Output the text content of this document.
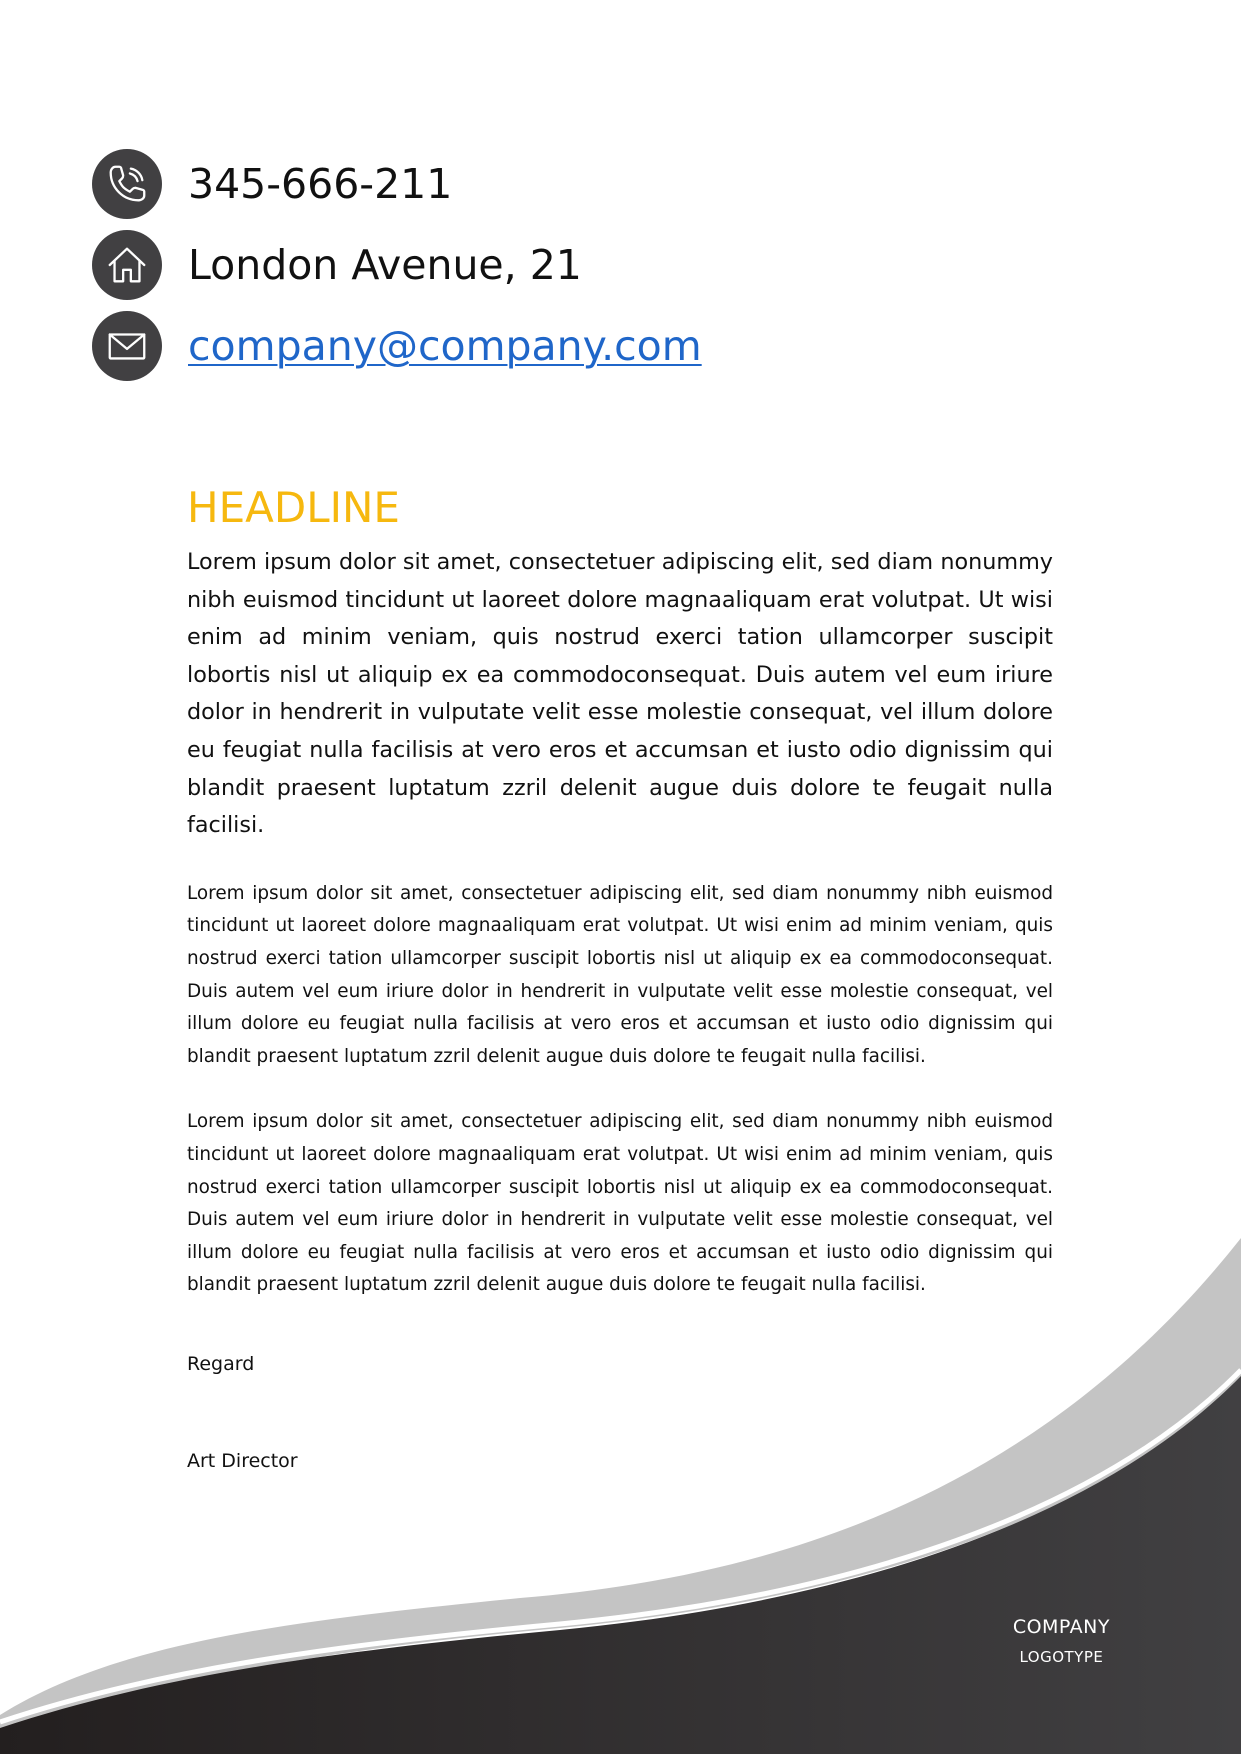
345-666-211
London Avenue, 21
company@company.com
HEADLINE

Lorem ipsum dolor sit amet, consectetuer adipiscing elit, sed diam nonummy nibh euismod tincidunt ut laoreet dolore magnaaliquam erat volutpat. Ut wisi enim ad minim veniam, quis nostrud exerci tation ullamcorper suscipit lobortis nisl ut aliquip ex ea commodoconsequat. Duis autem vel eum iriure dolor in hendrerit in vulputate velit esse molestie consequat, vel illum dolore eu feugiat nulla facilisis at vero eros et accumsan et iusto odio dignissim qui blandit praesent luptatum zzril delenit augue duis dolore te feugait nulla facilisi.

Lorem ipsum dolor sit amet, consectetuer adipiscing elit, sed diam nonummy nibh euismod tincidunt ut laoreet dolore magnaaliquam erat volutpat. Ut wisi enim ad minim veniam, quis nostrud exerci tation ullamcorper suscipit lobortis nisl ut aliquip ex ea commodoconsequat. Duis autem vel eum iriure dolor in hendrerit in vulputate velit esse molestie consequat, vel illum dolore eu feugiat nulla facilisis at vero eros et accumsan et iusto odio dignissim qui blandit praesent luptatum zzril delenit augue duis dolore te feugait nulla facilisi.

Lorem ipsum dolor sit amet, consectetuer adipiscing elit, sed diam nonummy nibh euismod tincidunt ut laoreet dolore magnaaliquam erat volutpat. Ut wisi enim ad minim veniam, quis nostrud exerci tation ullamcorper suscipit lobortis nisl ut aliquip ex ea commodoconsequat. Duis autem vel eum iriure dolor in hendrerit in vulputate velit esse molestie consequat, vel illum dolore eu feugiat nulla facilisis at vero eros et accumsan et iusto odio dignissim qui blandit praesent luptatum zzril delenit augue duis dolore te feugait nulla facilisi.

Regard

Art Director

COMPANY
LOGOTYPE
